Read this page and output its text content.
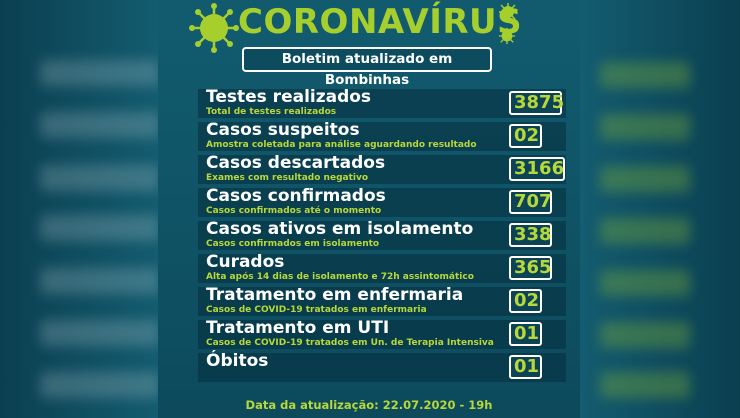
CORONAVÍRUS
Boletim atualizado em Bombinhas
Testes realizados
Total de testes realizados	3875
Casos suspeitos
Amostra coletada para análise aguardando resultado 02
Casos descartados
Exames com resultado negativo	3166
Casos confirmados
Casos confirmados até o momento	707
Casos ativos em isolamento
Casos confirmados em isolamento	338
Curados
Alta após 14 dias de isolamento e 72h assintomático 365
Tratamento em enfermaria
Casos de COVID-19 tratados em enfermaria	02
Tratamento em UTI
Casos de COVID-19 tratados em Un. de Terapia Intensiva 01
Óbitos	01
Data da atualização: 22.07.2020 - 19h
